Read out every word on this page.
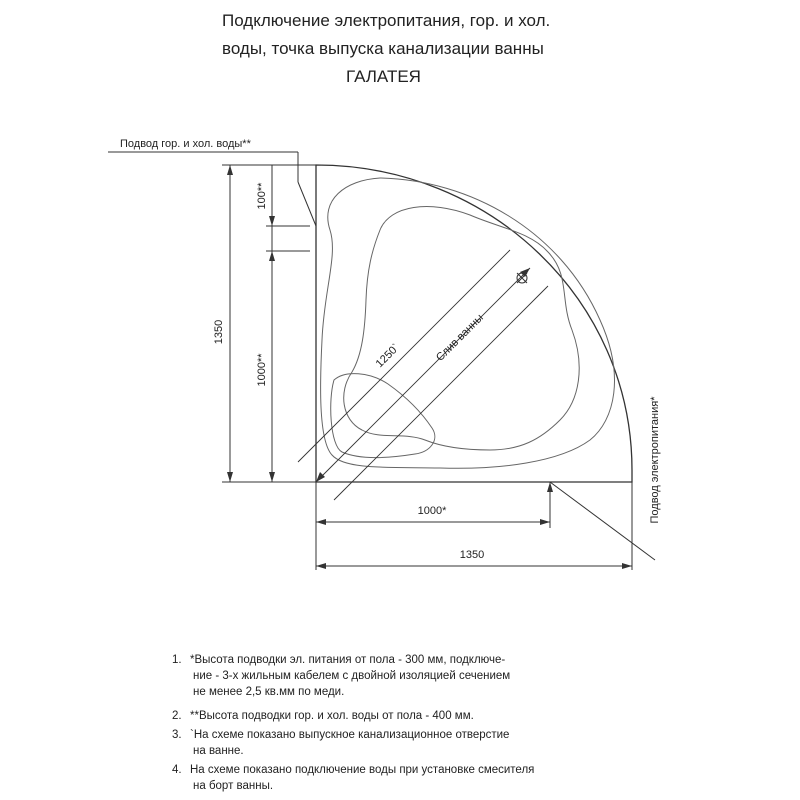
Подключение электропитания, гор. и хол.
воды, точка выпуска канализации ванны
ГАЛАТЕЯ
Подвод гор. и хол. воды**
1350
100**
1000**	1250`	Слив ванны
1000*
1350
Подвод электропитания*
1. *Высота подводки эл. питания от пола - 300 мм, подключе-
ние - 3-х жильным кабелем с двойной изоляцией сечением
не менее 2,5 кв.мм по меди.
2. **Высота подводки гор. и хол. воды от пола - 400 мм.
3. `На схеме показано выпускное канализационное отверстие
на ванне.
4. На схеме показано подключение воды при установке смесителя
на борт ванны.
